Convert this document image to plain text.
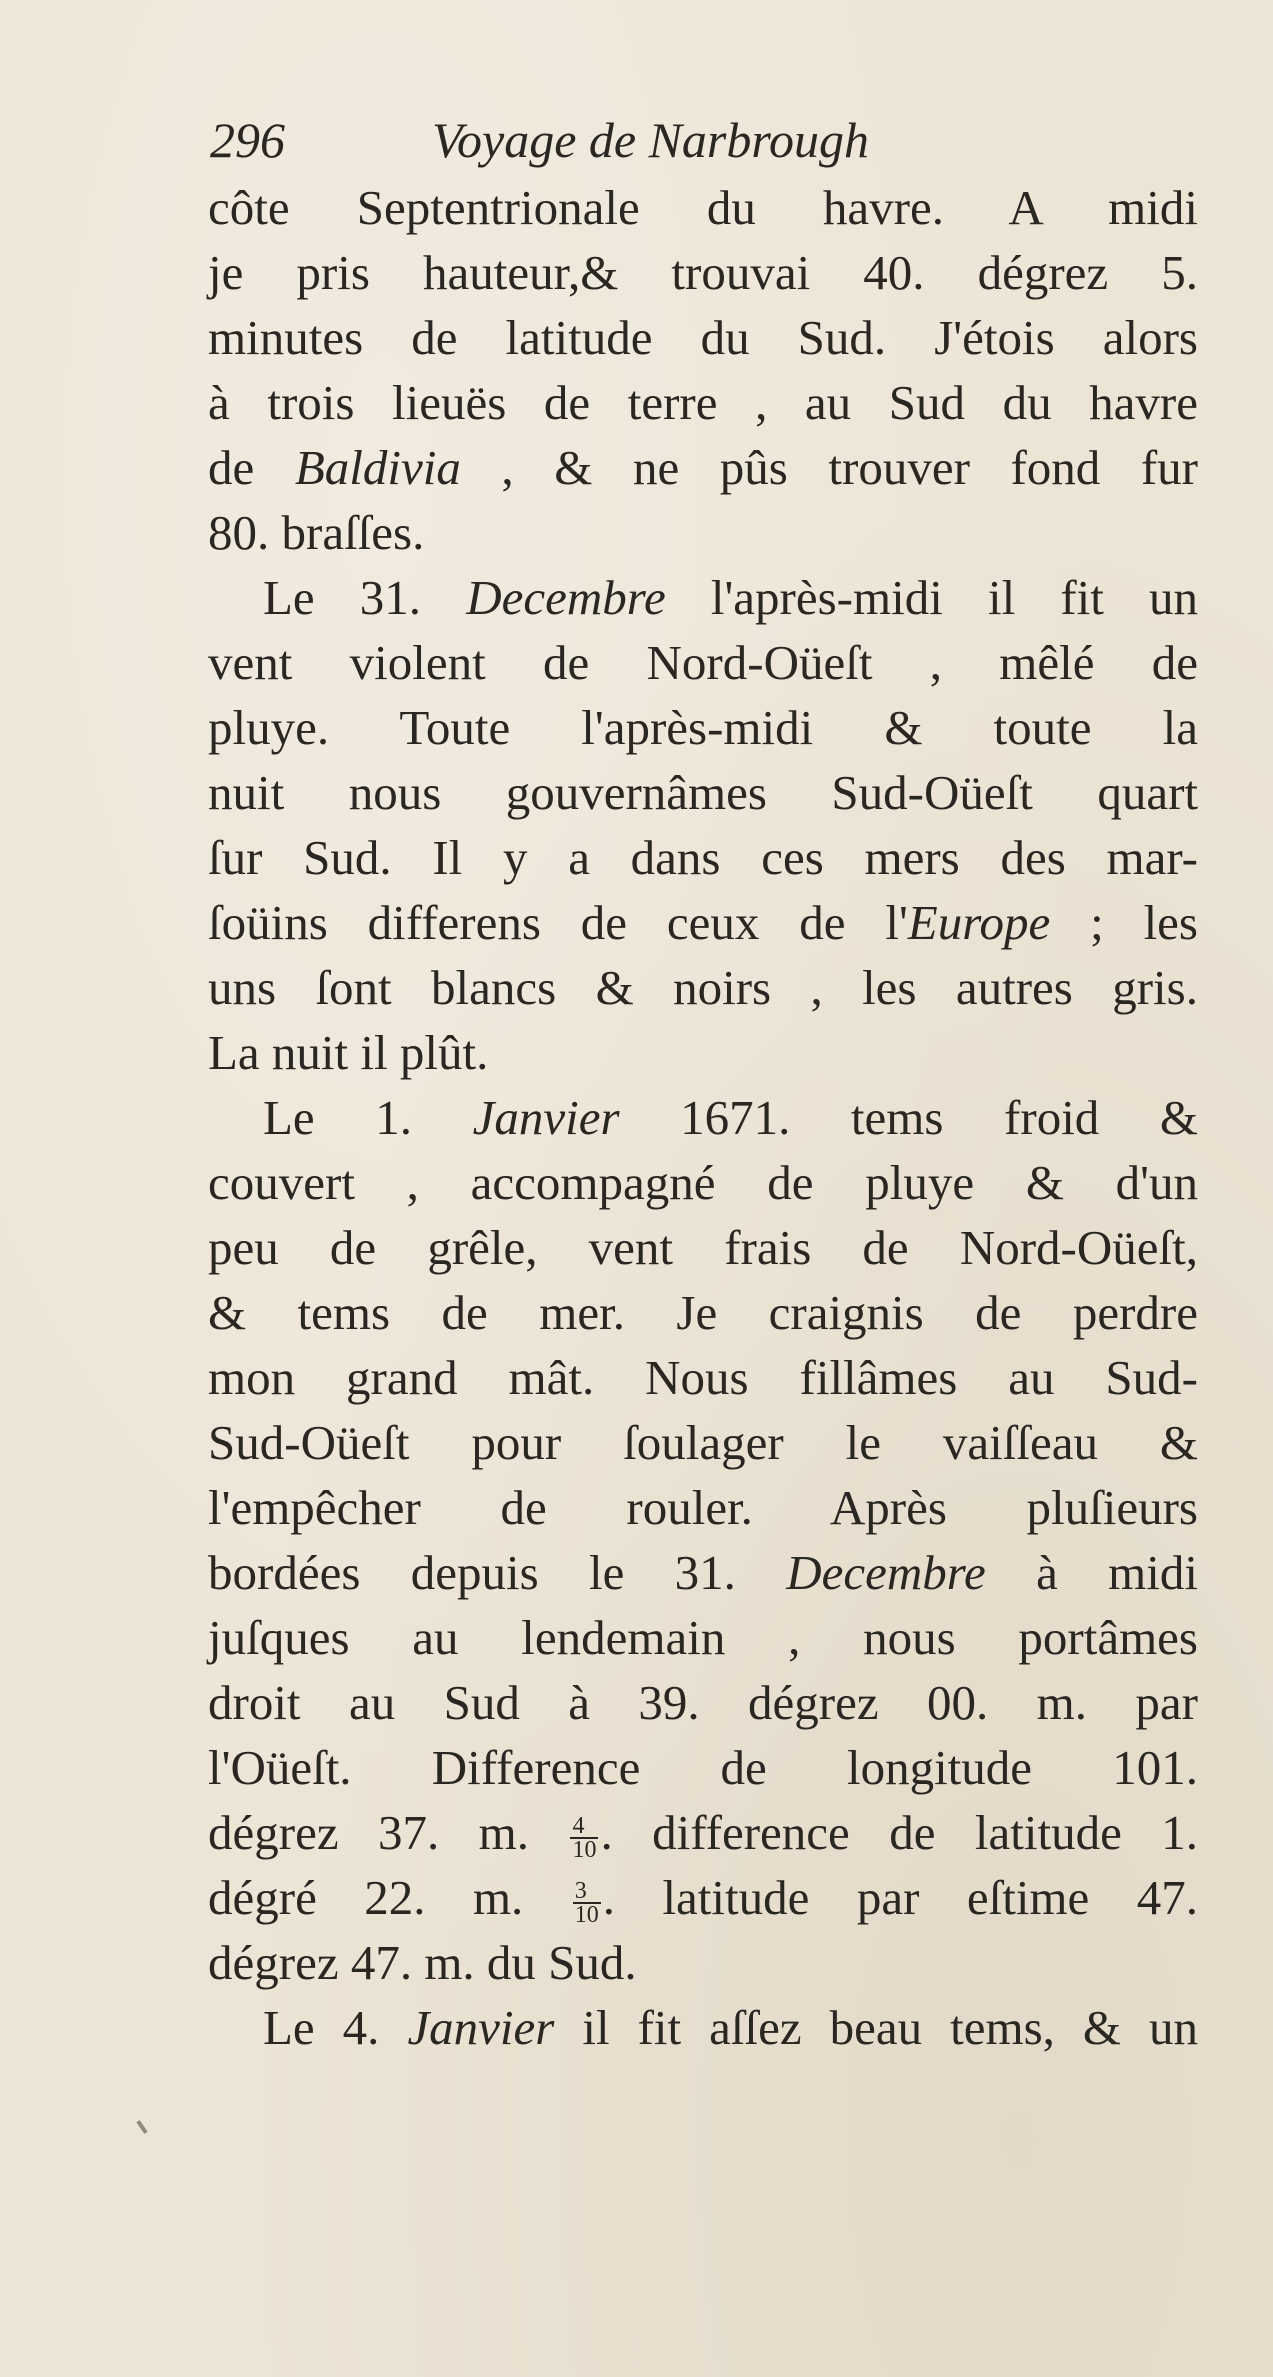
296	Voyage de Narbrough
côte Septentrionale du havre. A midi
je pris hauteur,& trouvai 40. dégrez 5.
minutes de latitude du Sud. J'étois alors
à trois lieuës de terre , au Sud du havre
de Baldivia , & ne pûs trouver fond fur
80. braſſes.
Le 31. Decembre l'après-midi il fit un
vent violent de Nord-Oüeſt , mêlé de
pluye. Toute l'après-midi & toute la
nuit nous gouvernâmes Sud-Oüeſt quart
ſur Sud. Il y a dans ces mers des mar-
ſoüins differens de ceux de l'Europe ; les
uns ſont blancs & noirs , les autres gris.
La nuit il plût.
Le 1. Janvier 1671. tems froid &
couvert , accompagné de pluye & d'un
peu de grêle, vent frais de Nord-Oüeſt,
& tems de mer. Je craignis de perdre
mon grand mât. Nous fillâmes au Sud-
Sud-Oüeſt pour ſoulager le vaiſſeau &
l'empêcher de rouler. Après pluſieurs
bordées depuis le 31. Decembre à midi
juſques au lendemain , nous portâmes
droit au Sud à 39. dégrez 00. m. par
l'Oüeſt. Difference de longitude 101.
dégrez 37. m. $\frac{4}{10}$ . difference de latitude 1.
dégré 22. m. $\frac{3}{10}$ . latitude par eſtime 47.
dégrez 47. m. du Sud.
Le 4. Janvier il fit aſſez beau tems, & un
